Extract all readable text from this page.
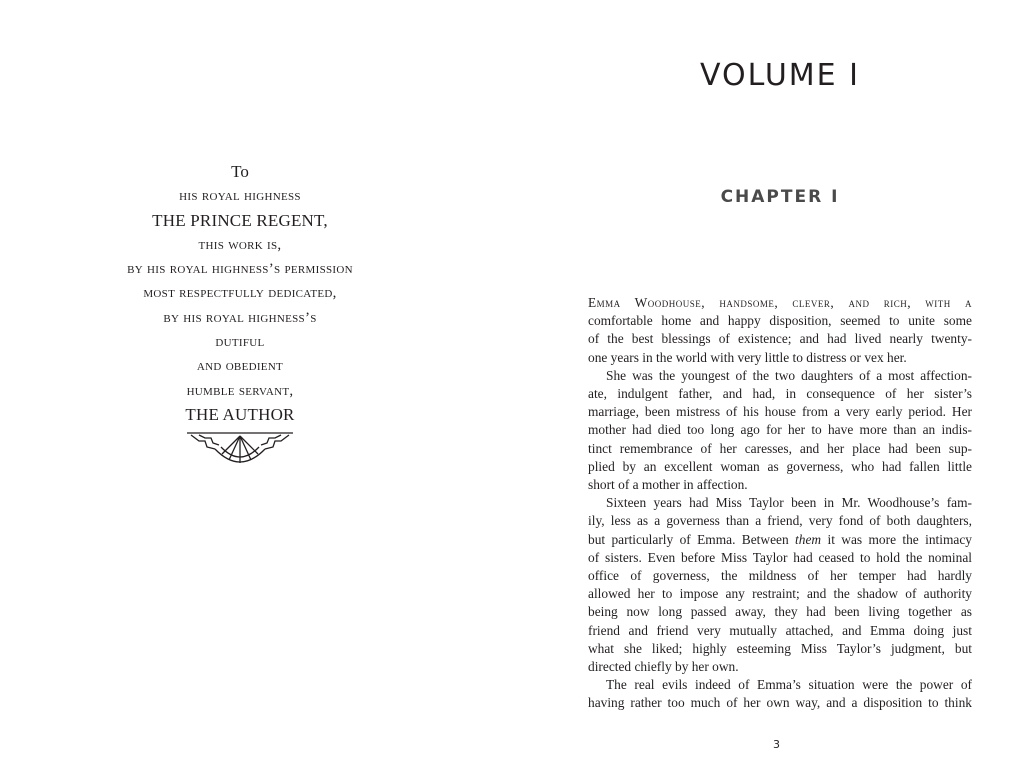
To
his royal highness
THE PRINCE REGENT,
this work is,
by his royal highness’s permission
most respectfully dedicated,
by his royal highness’s
dutiful
and obedient
humble servant,
THE AUTHOR
VOLUME I
CHAPTER I
Emma Woodhouse, handsome, clever, and rich, with a
comfortable home and happy disposition, seemed to unite some
of the best blessings of existence; and had lived nearly twenty-
one years in the world with very little to distress or vex her.
She was the youngest of the two daughters of a most affection-
ate, indulgent father, and had, in consequence of her sister’s
marriage, been mistress of his house from a very early period. Her
mother had died too long ago for her to have more than an indis-
tinct remembrance of her caresses, and her place had been sup-
plied by an excellent woman as governess, who had fallen little
short of a mother in affection.
Sixteen years had Miss Taylor been in Mr. Woodhouse’s fam-
ily, less as a governess than a friend, very fond of both daughters,
but particularly of Emma. Between them it was more the intimacy
of sisters. Even before Miss Taylor had ceased to hold the nominal
office of governess, the mildness of her temper had hardly
allowed her to impose any restraint; and the shadow of authority
being now long passed away, they had been living together as
friend and friend very mutually attached, and Emma doing just
what she liked; highly esteeming Miss Taylor’s judgment, but
directed chiefly by her own.
The real evils indeed of Emma’s situation were the power of
having rather too much of her own way, and a disposition to think
3
